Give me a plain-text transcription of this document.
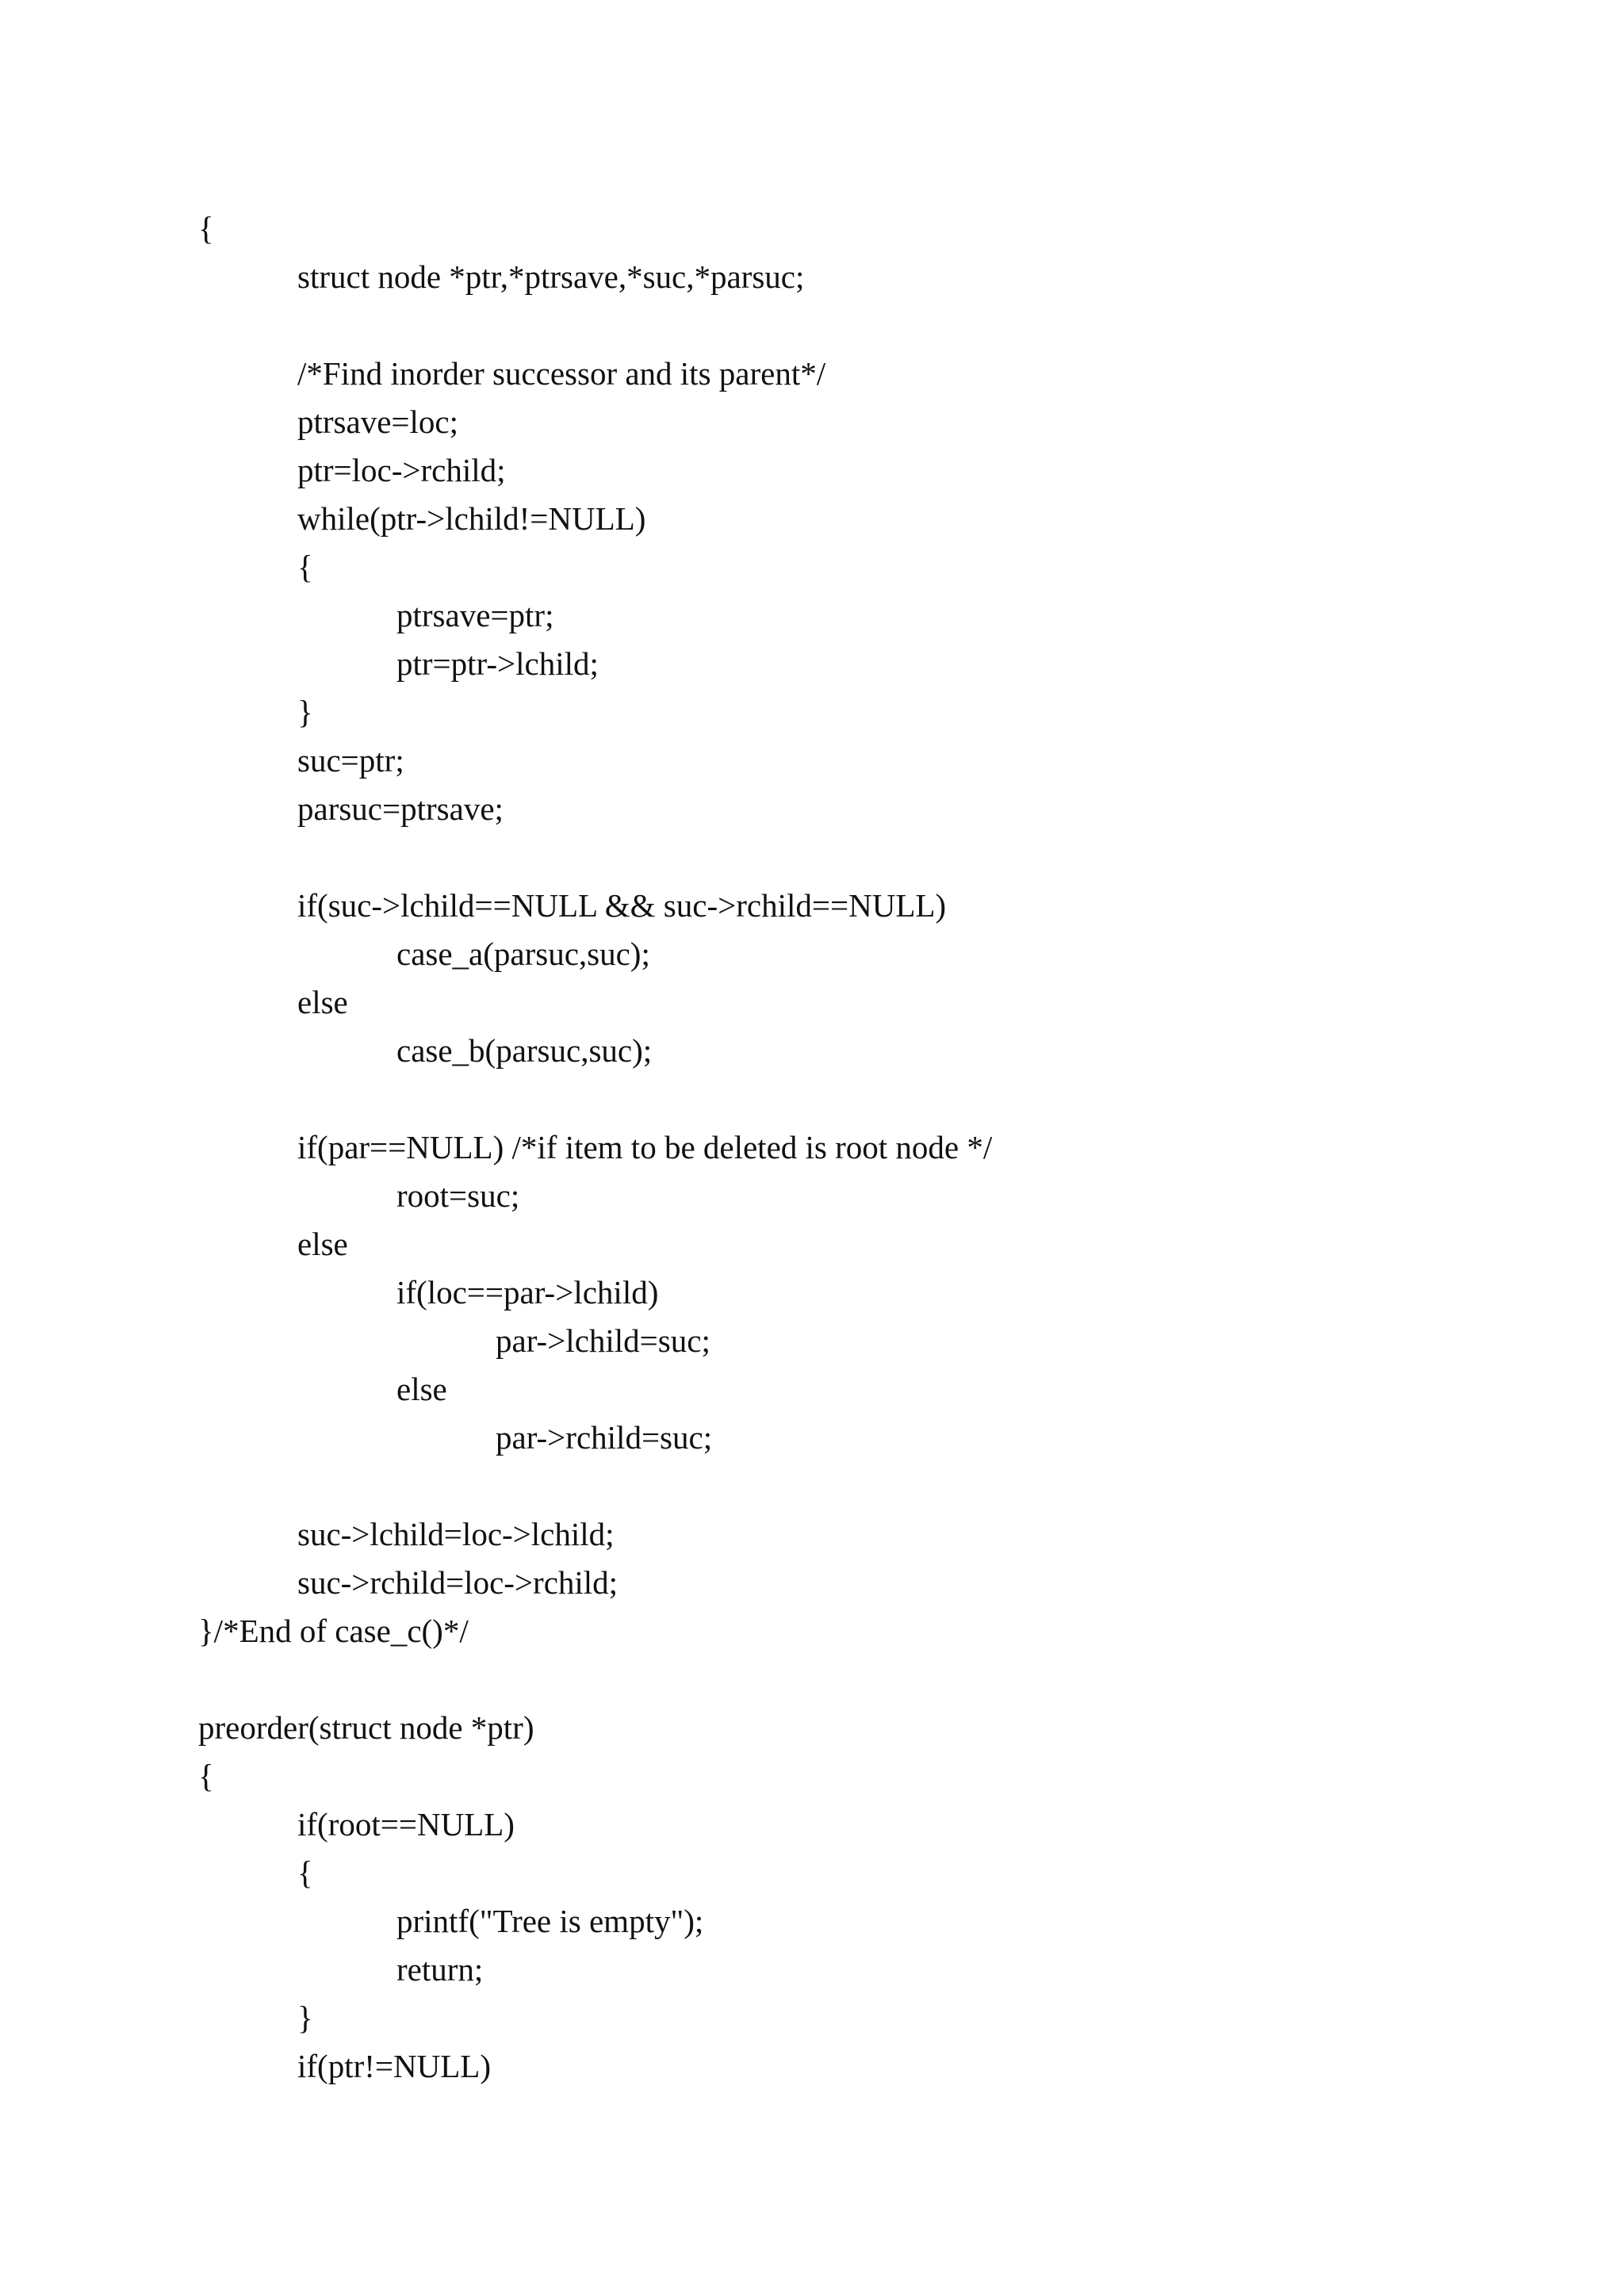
{
struct node *ptr,*ptrsave,*suc,*parsuc;
/*Find inorder successor and its parent*/
ptrsave=loc;
ptr=loc->rchild;
while(ptr->lchild!=NULL)
{
ptrsave=ptr;
ptr=ptr->lchild;
}
suc=ptr;
parsuc=ptrsave;
if(suc->lchild==NULL && suc->rchild==NULL)
case_a(parsuc,suc);
else
case_b(parsuc,suc);
if(par==NULL) /*if item to be deleted is root node */
root=suc;
else
if(loc==par->lchild)
par->lchild=suc;
else
par->rchild=suc;
suc->lchild=loc->lchild;
suc->rchild=loc->rchild;
}/*End of case_c()*/
preorder(struct node *ptr)
{
if(root==NULL)
{
printf("Tree is empty");
return;
}
if(ptr!=NULL)
